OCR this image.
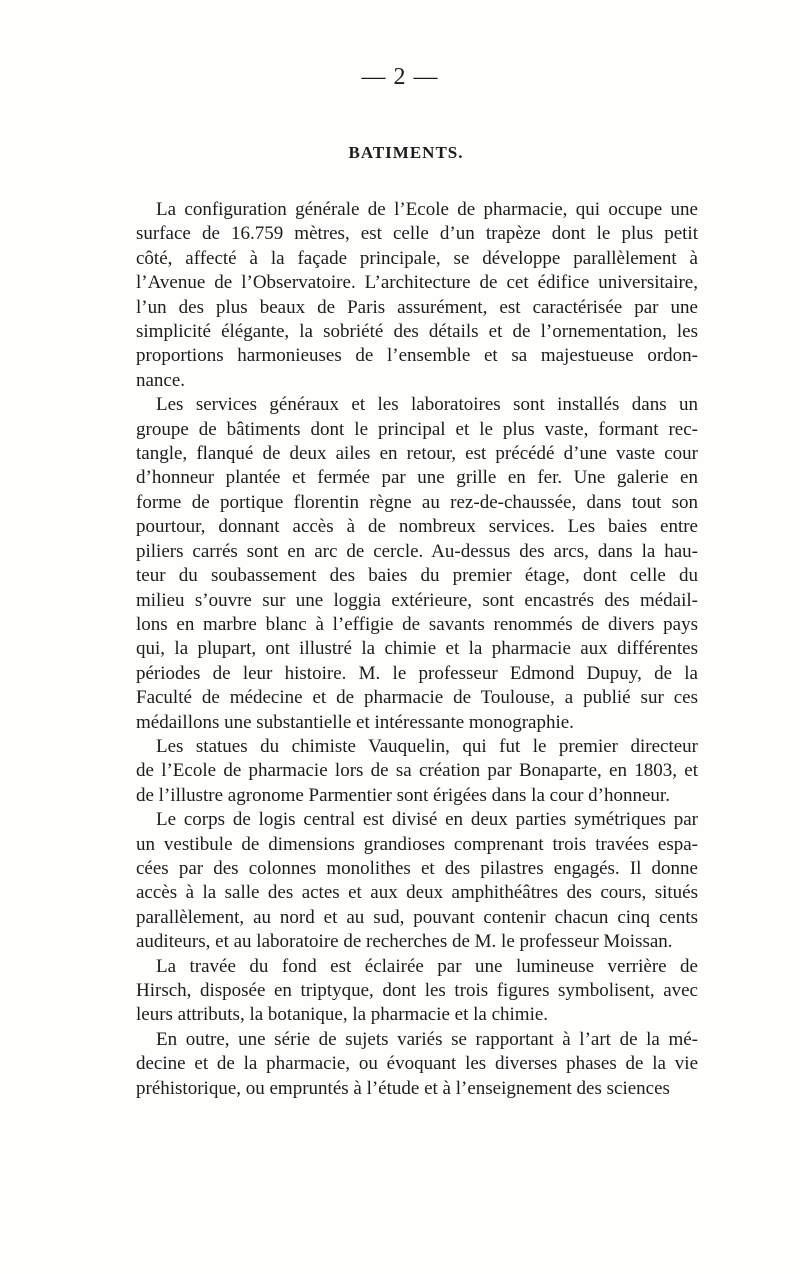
— 2 —
BATIMENTS.

La configuration générale de l’Ecole de pharmacie, qui occupe une
surface de 16.759 mètres, est celle d’un trapèze dont le plus petit
côté, affecté à la façade principale, se développe parallèlement à
l’Avenue de l’Observatoire. L’architecture de cet édifice universitaire,
l’un des plus beaux de Paris assurément, est caractérisée par une
simplicité élégante, la sobriété des détails et de l’ornementation, les
proportions harmonieuses de l’ensemble et sa majestueuse ordon-
nance.

Les services généraux et les laboratoires sont installés dans un
groupe de bâtiments dont le principal et le plus vaste, formant rec-
tangle, flanqué de deux ailes en retour, est précédé d’une vaste cour
d’honneur plantée et fermée par une grille en fer. Une galerie en
forme de portique florentin règne au rez-de-chaussée, dans tout son
pourtour, donnant accès à de nombreux services. Les baies entre
piliers carrés sont en arc de cercle. Au-dessus des arcs, dans la hau-
teur du soubassement des baies du premier étage, dont celle du
milieu s’ouvre sur une loggia extérieure, sont encastrés des médail-
lons en marbre blanc à l’effigie de savants renommés de divers pays
qui, la plupart, ont illustré la chimie et la pharmacie aux différentes
périodes de leur histoire. M. le professeur Edmond Dupuy, de la
Faculté de médecine et de pharmacie de Toulouse, a publié sur ces
médaillons une substantielle et intéressante monographie.

Les statues du chimiste Vauquelin, qui fut le premier directeur
de l’Ecole de pharmacie lors de sa création par Bonaparte, en 1803, et
de l’illustre agronome Parmentier sont érigées dans la cour d’honneur.

Le corps de logis central est divisé en deux parties symétriques par
un vestibule de dimensions grandioses comprenant trois travées espa-
cées par des colonnes monolithes et des pilastres engagés. Il donne
accès à la salle des actes et aux deux amphithéâtres des cours, situés
parallèlement, au nord et au sud, pouvant contenir chacun cinq cents
auditeurs, et au laboratoire de recherches de M. le professeur Moissan.

La travée du fond est éclairée par une lumineuse verrière de
Hirsch, disposée en triptyque, dont les trois figures symbolisent, avec
leurs attributs, la botanique, la pharmacie et la chimie.

En outre, une série de sujets variés se rapportant à l’art de la mé-
decine et de la pharmacie, ou évoquant les diverses phases de la vie
préhistorique, ou empruntés à l’étude et à l’enseignement des sciences
